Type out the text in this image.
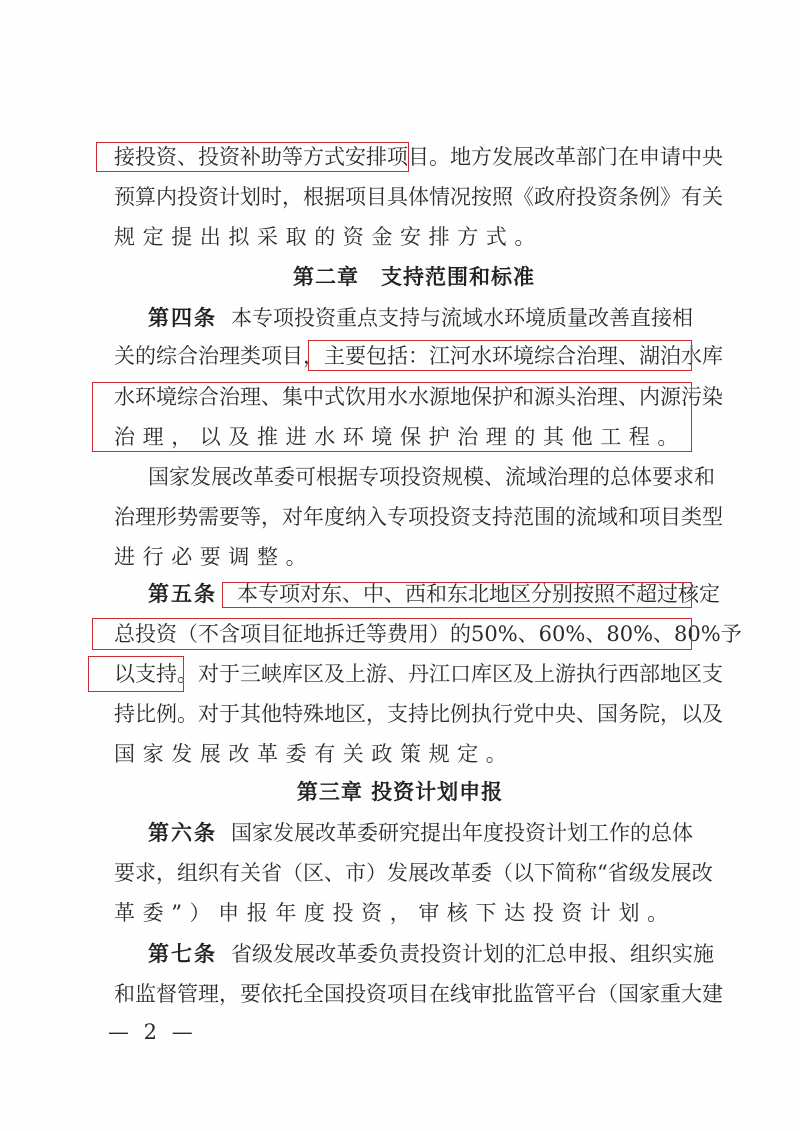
接投资、投资补助等方式安排项目。地方发展改革部门在申请中央
预算内投资计划时，根据项目具体情况按照《政府投资条例》有关
规定提出拟采取的资金安排方式。
第二章　支持范围和标准
第四条 本专项投资重点支持与流域水环境质量改善直接相
关的综合治理类项目，主要包括：江河水环境综合治理、湖泊水库
水环境综合治理、集中式饮用水水源地保护和源头治理、内源污染
治理，以及推进水环境保护治理的其他工程。
国家发展改革委可根据专项投资规模、流域治理的总体要求和
治理形势需要等，对年度纳入专项投资支持范围的流域和项目类型
进行必要调整。
第五条 本专项对东、中、西和东北地区分别按照不超过核定
总投资（不含项目征地拆迁等费用）的50%、60%、80%、80%予
以支持。对于三峡库区及上游、丹江口库区及上游执行西部地区支
持比例。对于其他特殊地区，支持比例执行党中央、国务院，以及
国家发展改革委有关政策规定。
第三章 投资计划申报
第六条 国家发展改革委研究提出年度投资计划工作的总体
要求，组织有关省（区、市）发展改革委（以下简称“省级发展改
革委”）申报年度投资，审核下达投资计划。
第七条 省级发展改革委负责投资计划的汇总申报、组织实施
和监督管理，要依托全国投资项目在线审批监管平台（国家重大建
— 2 —
